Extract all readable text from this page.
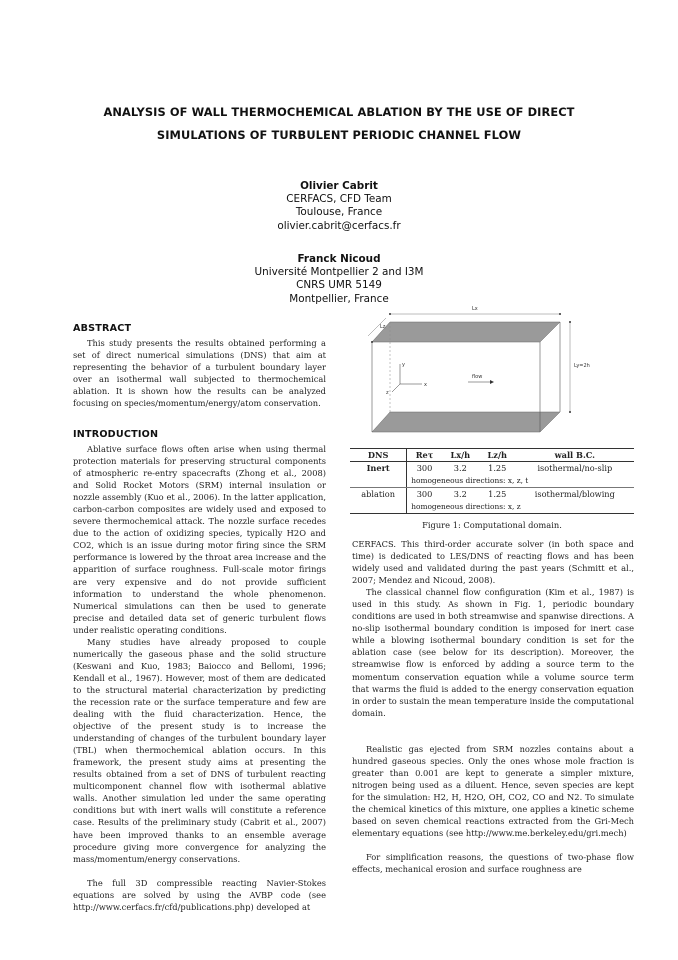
ANALYSIS OF WALL THERMOCHEMICAL ABLATION BY THE USE OF DIRECT
SIMULATIONS OF TURBULENT PERIODIC CHANNEL FLOW
Olivier Cabrit
CERFACS, CFD Team
Toulouse, France
olivier.cabrit@cerfacs.fr
Franck Nicoud
Université Montpellier 2 and I3M
CNRS UMR 5149
Montpellier, France
ABSTRACT

This study presents the results obtained performing a set of direct numerical simulations (DNS) that aim at representing the behavior of a turbulent boundary layer over an isothermal wall subjected to thermochemical ablation. It is shown how the results can be analyzed focusing on species/momentum/energy/atom conservation.

INTRODUCTION

Ablative surface flows often arise when using thermal protection materials for preserving structural components of atmospheric re-entry spacecrafts (Zhong et al., 2008) and Solid Rocket Motors (SRM) internal insulation or nozzle assembly (Kuo et al., 2006). In the latter application, carbon-carbon composites are widely used and exposed to severe thermochemical attack. The nozzle surface recedes due to the action of oxidizing species, typically H2O and CO2, which is an issue during motor firing since the SRM performance is lowered by the throat area increase and the apparition of surface roughness. Full-scale motor firings are very expensive and do not provide sufficient information to understand the whole phenomenon. Numerical simulations can then be used to generate precise and detailed data set of generic turbulent flows under realistic operating conditions.

Many studies have already proposed to couple numerically the gaseous phase and the solid structure (Keswani and Kuo, 1983; Baiocco and Bellomi, 1996; Kendall et al., 1967). However, most of them are dedicated to the structural material characterization by predicting the recession rate or the surface temperature and few are dealing with the fluid characterization. Hence, the objective of the present study is to increase the understanding of changes of the turbulent boundary layer (TBL) when thermochemical ablation occurs. In this framework, the present study aims at presenting the results obtained from a set of DNS of turbulent reacting multicomponent channel flow with isothermal ablative walls. Another simulation led under the same operating conditions but with inert walls will constitute a reference case. Results of the preliminary study (Cabrit et al., 2007) have been improved thanks to an ensemble average procedure giving more convergence for analyzing the mass/momentum/energy conservations.

The full 3D compressible reacting Navier-Stokes equations are solved by using the AVBP code (see http://www.cerfacs.fr/cfd/publications.php) developed at

Lx
Lz
Ly=2h
y
x
z
flow
DNS	Reτ	Lx/h	Lz/h	wall B.C.
Inert	300	3.2	1.25	isothermal/no-slip
	homogeneous directions: x, z, t			
ablation	300	3.2	1.25	isothermal/blowing
	homogeneous directions: x, z			
Figure 1: Computational domain.

CERFACS. This third-order accurate solver (in both space and time) is dedicated to LES/DNS of reacting flows and has been widely used and validated during the past years (Schmitt et al., 2007; Mendez and Nicoud, 2008).

The classical channel flow configuration (Kim et al., 1987) is used in this study. As shown in Fig. 1, periodic boundary conditions are used in both streamwise and spanwise directions. A no-slip isothermal boundary condition is imposed for inert case while a blowing isothermal boundary condition is set for the ablation case (see below for its description). Moreover, the streamwise flow is enforced by adding a source term to the momentum conservation equation while a volume source term that warms the fluid is added to the energy conservation equation in order to sustain the mean temperature inside the computational domain.

Realistic gas ejected from SRM nozzles contains about a hundred gaseous species. Only the ones whose mole fraction is greater than 0.001 are kept to generate a simpler mixture, nitrogen being used as a diluent. Hence, seven species are kept for the simulation: H2, H, H2O, OH, CO2, CO and N2. To simulate the chemical kinetics of this mixture, one applies a kinetic scheme based on seven chemical reactions extracted from the Gri-Mech elementary equations (see http://www.me.berkeley.edu/gri.mech)

For simplification reasons, the questions of two-phase flow effects, mechanical erosion and surface roughness are
